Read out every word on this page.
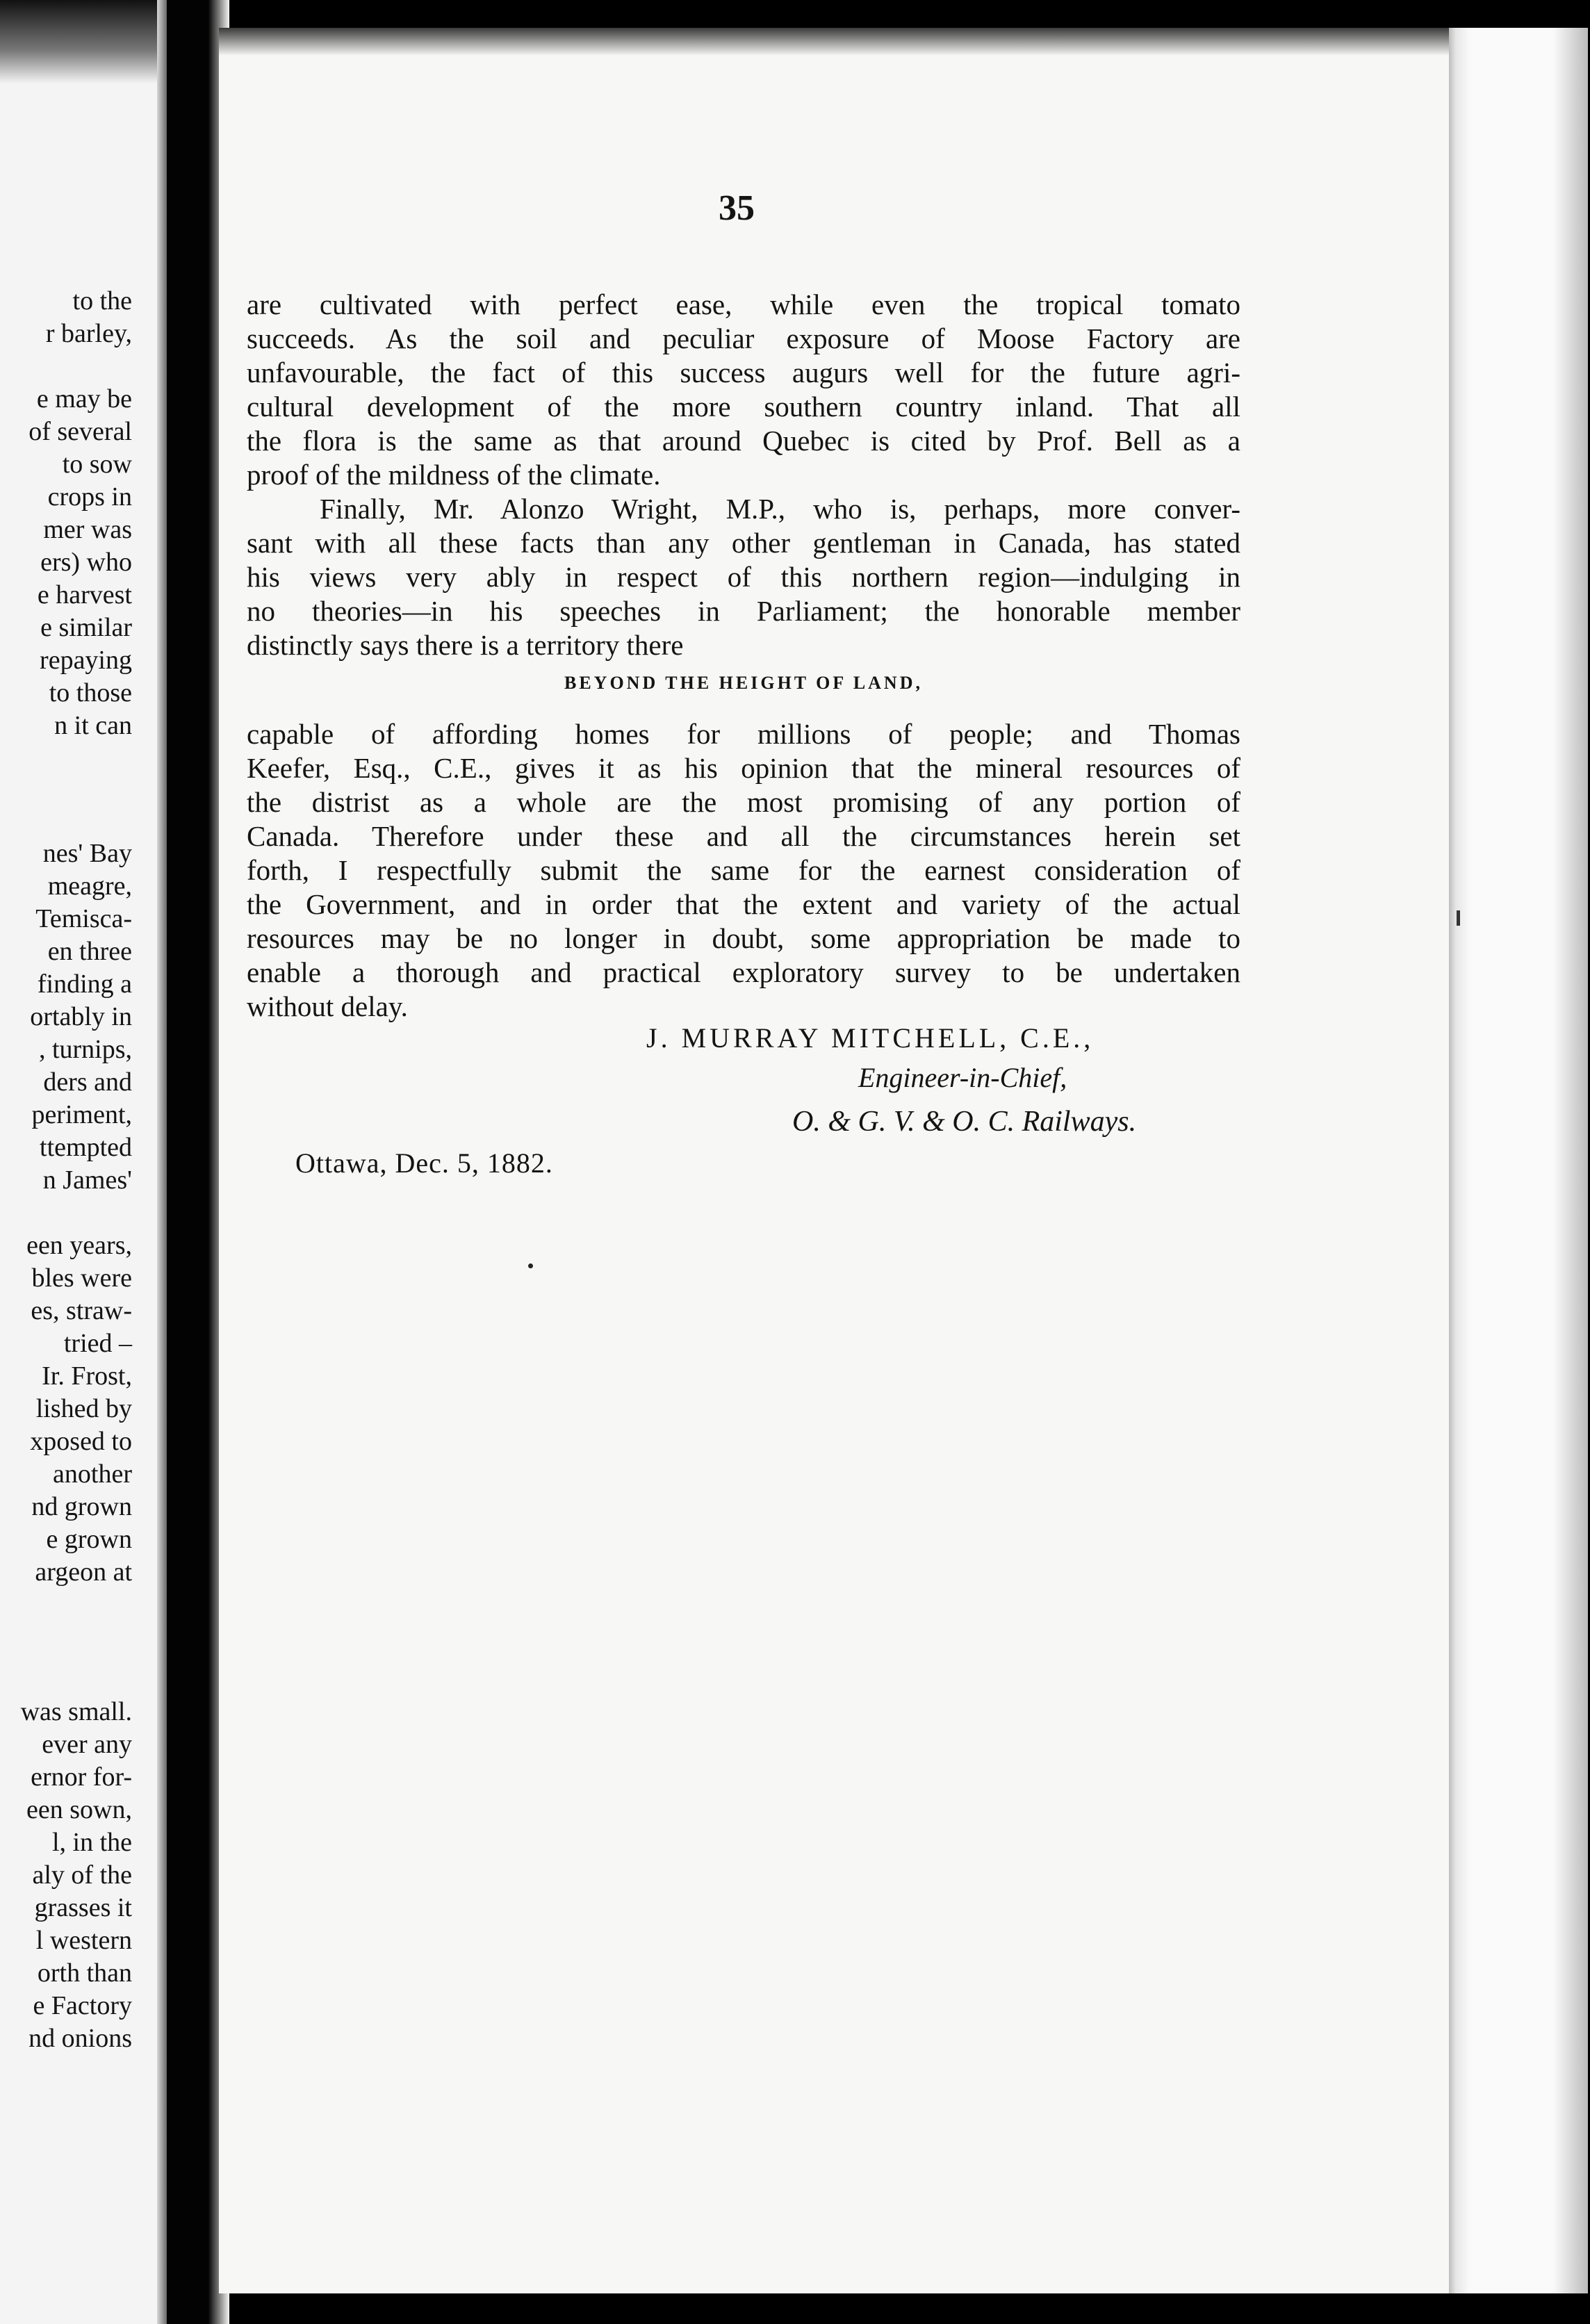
to the
r barley,
e may be
of several
to sow
crops in
mer was
ers) who
e harvest
e similar
repaying
to those
n it can
nes' Bay
meagre,
Temisca-
en three
finding a
ortably in
, turnips,
ders and
periment,
ttempted
n James'
een years,
bles were
es, straw-
tried –
Ir. Frost,
lished by
xposed to
another
nd grown
e grown
argeon at
was small.
ever any
ernor for-
een sown,
l, in the
aly of the
grasses it
l western
orth than
e Factory
nd onions

35

are cultivated with perfect ease, while even the tropical tomato
succeeds. As the soil and peculiar exposure of Moose Factory are
unfavourable, the fact of this success augurs well for the future agri-
cultural development of the more southern country inland. That all
the flora is the same as that around Quebec is cited by Prof. Bell as a
proof of the mildness of the climate.
Finally, Mr. Alonzo Wright, M.P., who is, perhaps, more conver-
sant with all these facts than any other gentleman in Canada, has stated
his views very ably in respect of this northern region—indulging in
no theories—in his speeches in Parliament; the honorable member
distinctly says there is a territory there

BEYOND THE HEIGHT OF LAND,

capable of affording homes for millions of people; and Thomas
Keefer, Esq., C.E., gives it as his opinion that the mineral resources of
the distrist as a whole are the most promising of any portion of
Canada. Therefore under these and all the circumstances herein set
forth, I respectfully submit the same for the earnest consideration of
the Government, and in order that the extent and variety of the actual
resources may be no longer in doubt, some appropriation be made to
enable a thorough and practical exploratory survey to be undertaken
without delay.

J. MURRAY MITCHELL, C.E.,

Engineer-in-Chief,

O. & G. V. & O. C. Railways.

Ottawa, Dec. 5, 1882.
